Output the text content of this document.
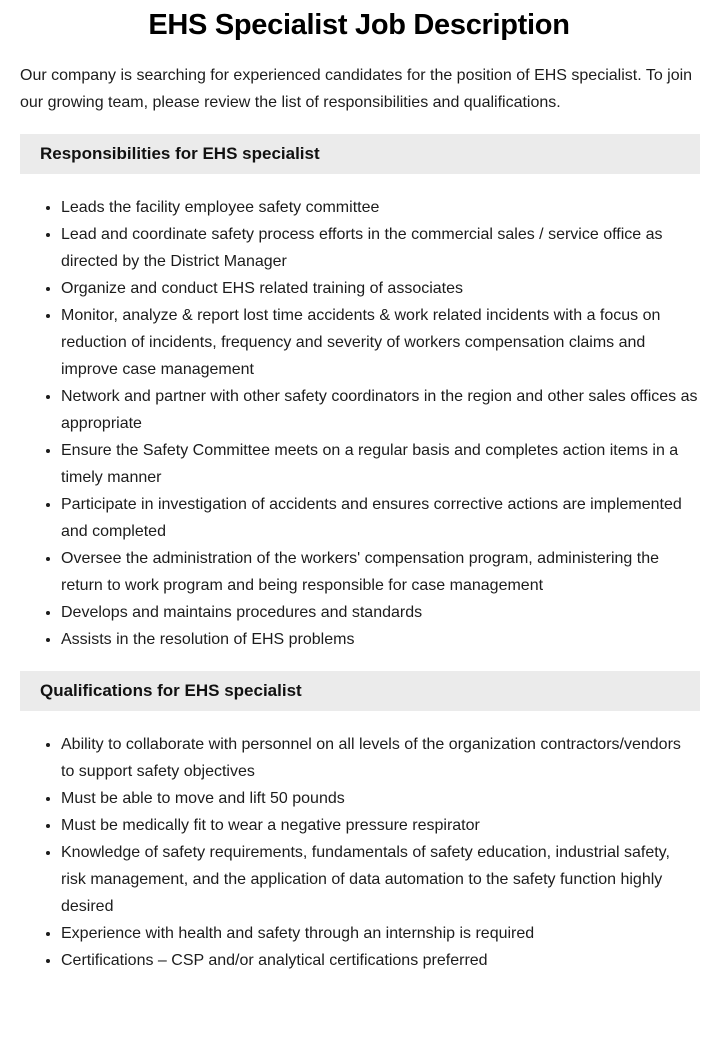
EHS Specialist Job Description

Our company is searching for experienced candidates for the position of EHS specialist. To join our growing team, please review the list of responsibilities and qualifications.

Responsibilities for EHS specialist
• Leads the facility employee safety committee
• Lead and coordinate safety process efforts in the commercial sales / service office as directed by the District Manager
• Organize and conduct EHS related training of associates
• Monitor, analyze & report lost time accidents & work related incidents with a focus on reduction of incidents, frequency and severity of workers compensation claims and improve case management
• Network and partner with other safety coordinators in the region and other sales offices as appropriate
• Ensure the Safety Committee meets on a regular basis and completes action items in a timely manner
• Participate in investigation of accidents and ensures corrective actions are implemented and completed
• Oversee the administration of the workers' compensation program, administering the return to work program and being responsible for case management
• Develops and maintains procedures and standards
• Assists in the resolution of EHS problems
Qualifications for EHS specialist
• Ability to collaborate with personnel on all levels of the organization contractors/vendors to support safety objectives
• Must be able to move and lift 50 pounds
• Must be medically fit to wear a negative pressure respirator
• Knowledge of safety requirements, fundamentals of safety education, industrial safety, risk management, and the application of data automation to the safety function highly desired
• Experience with health and safety through an internship is required
• Certifications – CSP and/or analytical certifications preferred
